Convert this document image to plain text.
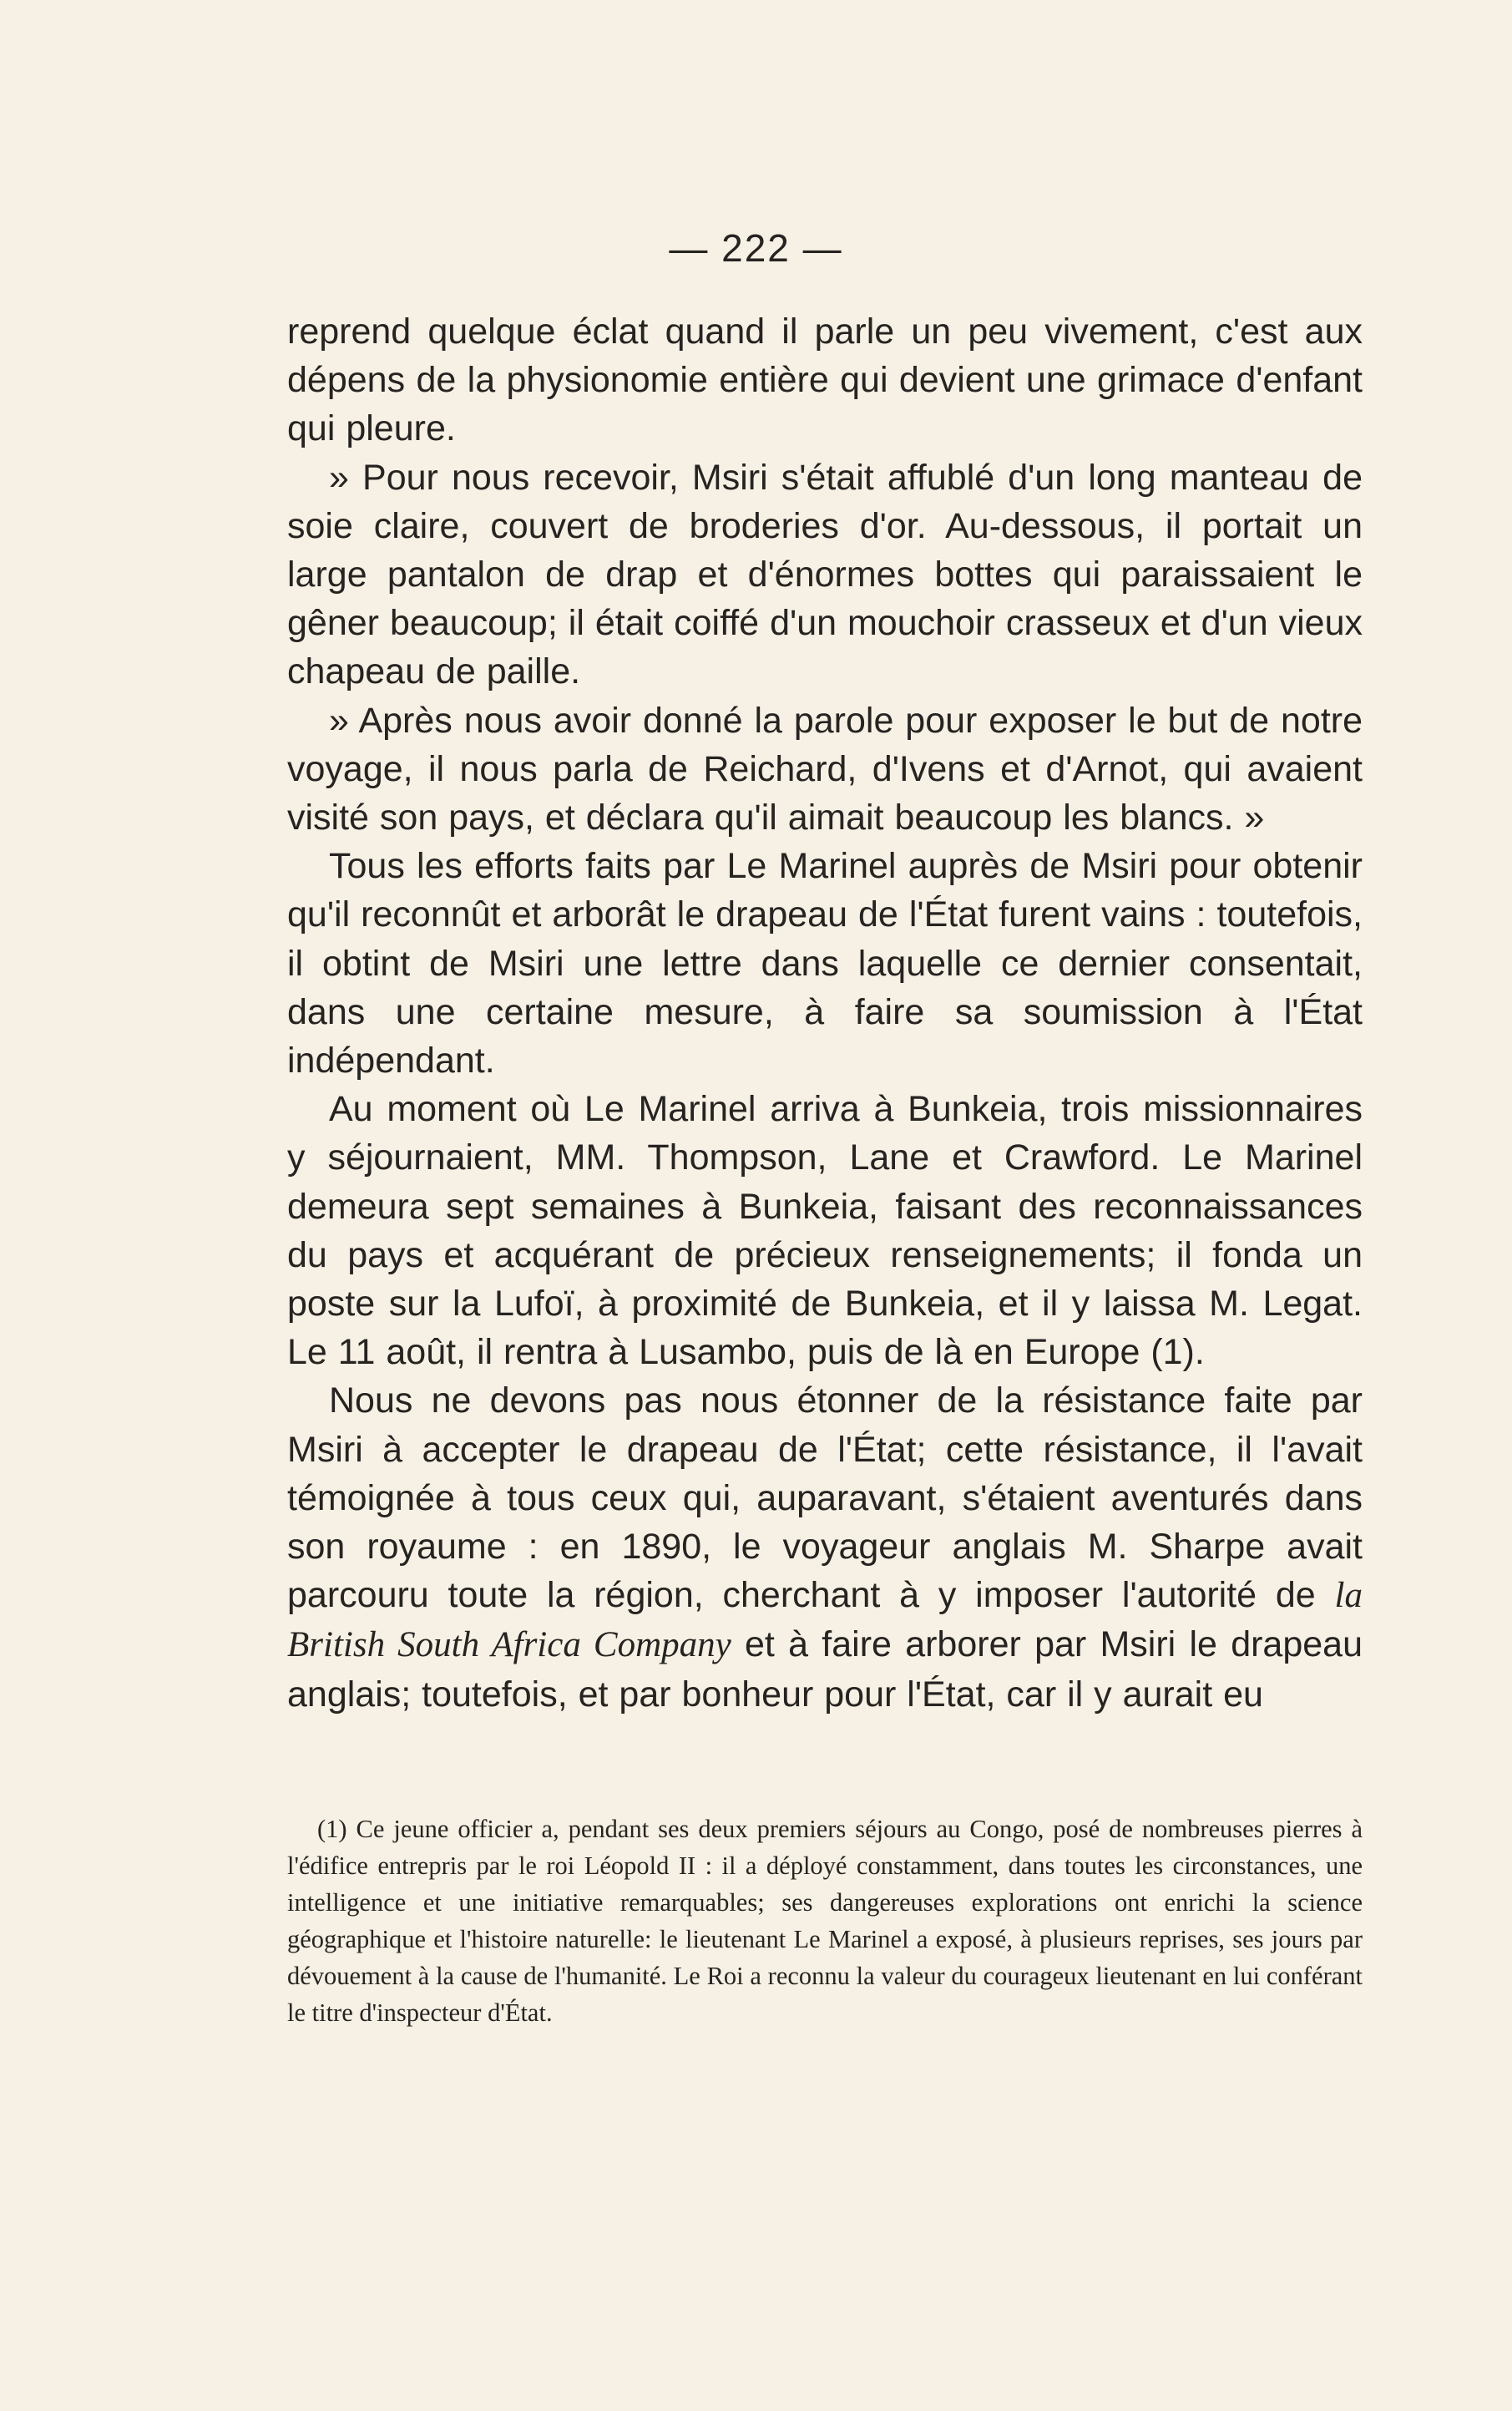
— 222 —

reprend quelque éclat quand il parle un peu vivement, c'est aux dépens de la physionomie entière qui devient une grimace d'enfant qui pleure.

» Pour nous recevoir, Msiri s'était affublé d'un long manteau de soie claire, couvert de broderies d'or. Au-dessous, il portait un large pantalon de drap et d'énormes bottes qui paraissaient le gêner beaucoup; il était coiffé d'un mouchoir crasseux et d'un vieux chapeau de paille.

» Après nous avoir donné la parole pour exposer le but de notre voyage, il nous parla de Reichard, d'Ivens et d'Arnot, qui avaient visité son pays, et déclara qu'il aimait beaucoup les blancs. »

Tous les efforts faits par Le Marinel auprès de Msiri pour obtenir qu'il reconnût et arborât le drapeau de l'État furent vains : toutefois, il obtint de Msiri une lettre dans laquelle ce dernier consentait, dans une certaine mesure, à faire sa soumission à l'État indépendant.

Au moment où Le Marinel arriva à Bunkeia, trois missionnaires y séjournaient, MM. Thompson, Lane et Crawford. Le Marinel demeura sept semaines à Bunkeia, faisant des reconnaissances du pays et acquérant de précieux renseignements; il fonda un poste sur la Lufoï, à proximité de Bunkeia, et il y laissa M. Legat. Le 11 août, il rentra à Lusambo, puis de là en Europe (1).

Nous ne devons pas nous étonner de la résistance faite par Msiri à accepter le drapeau de l'État; cette résistance, il l'avait témoignée à tous ceux qui, auparavant, s'étaient aventurés dans son royaume : en 1890, le voyageur anglais M. Sharpe avait parcouru toute la région, cherchant à y imposer l'autorité de la British South Africa Company et à faire arborer par Msiri le drapeau anglais; toutefois, et par bonheur pour l'État, car il y aurait eu

(1) Ce jeune officier a, pendant ses deux premiers séjours au Congo, posé de nombreuses pierres à l'édifice entrepris par le roi Léopold II : il a déployé constamment, dans toutes les circonstances, une intelligence et une initiative remarquables; ses dangereuses explorations ont enrichi la science géographique et l'histoire naturelle: le lieutenant Le Marinel a exposé, à plusieurs reprises, ses jours par dévouement à la cause de l'humanité. Le Roi a reconnu la valeur du courageux lieutenant en lui conférant le titre d'inspecteur d'État.
